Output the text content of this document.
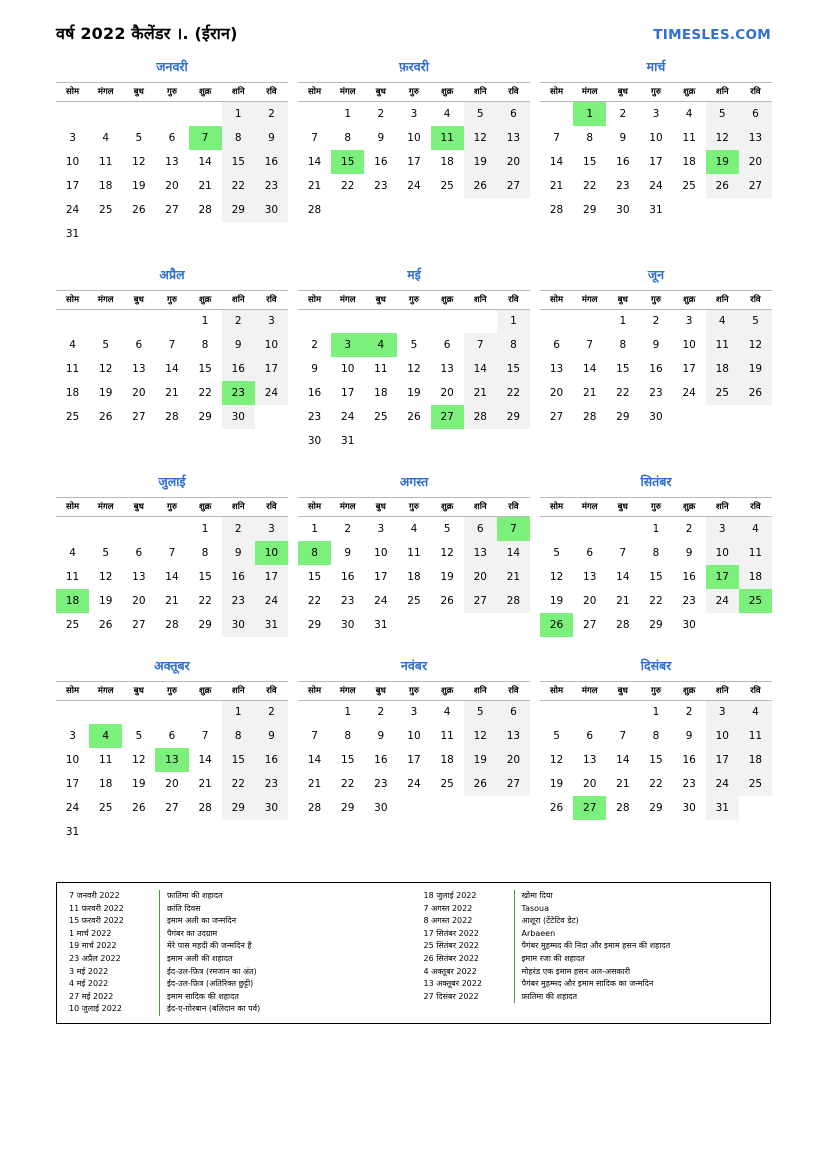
वर्ष 2022 कैलेंडर ।. (ईरान)	TIMESLES.COM
जनवरी
सोम	मंगल	बुध	गुरु	शुक्र	शनि	रवि
					1	2
3	4	5	6	7	8	9
10	11	12	13	14	15	16
17	18	19	20	21	22	23
24	25	26	27	28	29	30
31						
फ़रवरी
सोम	मंगल	बुध	गुरु	शुक्र	शनि	रवि
	1	2	3	4	5	6
7	8	9	10	11	12	13
14	15	16	17	18	19	20
21	22	23	24	25	26	27
28						
मार्च
सोम	मंगल	बुध	गुरु	शुक्र	शनि	रवि
	1	2	3	4	5	6
7	8	9	10	11	12	13
14	15	16	17	18	19	20
21	22	23	24	25	26	27
28	29	30	31			
अप्रैल
सोम	मंगल	बुध	गुरु	शुक्र	शनि	रवि
				1	2	3
4	5	6	7	8	9	10
11	12	13	14	15	16	17
18	19	20	21	22	23	24
25	26	27	28	29	30	
मई
सोम	मंगल	बुध	गुरु	शुक्र	शनि	रवि
						1
2	3	4	5	6	7	8
9	10	11	12	13	14	15
16	17	18	19	20	21	22
23	24	25	26	27	28	29
30	31					
जून
सोम	मंगल	बुध	गुरु	शुक्र	शनि	रवि
		1	2	3	4	5
6	7	8	9	10	11	12
13	14	15	16	17	18	19
20	21	22	23	24	25	26
27	28	29	30			
जुलाई
सोम	मंगल	बुध	गुरु	शुक्र	शनि	रवि
				1	2	3
4	5	6	7	8	9	10
11	12	13	14	15	16	17
18	19	20	21	22	23	24
25	26	27	28	29	30	31
अगस्त
सोम	मंगल	बुध	गुरु	शुक्र	शनि	रवि
1	2	3	4	5	6	7
8	9	10	11	12	13	14
15	16	17	18	19	20	21
22	23	24	25	26	27	28
29	30	31				
सितंबर
सोम	मंगल	बुध	गुरु	शुक्र	शनि	रवि
			1	2	3	4
5	6	7	8	9	10	11
12	13	14	15	16	17	18
19	20	21	22	23	24	25
26	27	28	29	30		
अक्तूबर
सोम	मंगल	बुध	गुरु	शुक्र	शनि	रवि
					1	2
3	4	5	6	7	8	9
10	11	12	13	14	15	16
17	18	19	20	21	22	23
24	25	26	27	28	29	30
31						
नवंबर
सोम	मंगल	बुध	गुरु	शुक्र	शनि	रवि
	1	2	3	4	5	6
7	8	9	10	11	12	13
14	15	16	17	18	19	20
21	22	23	24	25	26	27
28	29	30				
दिसंबर
सोम	मंगल	बुध	गुरु	शुक्र	शनि	रवि
			1	2	3	4
5	6	7	8	9	10	11
12	13	14	15	16	17	18
19	20	21	22	23	24	25
26	27	28	29	30	31	
7 जनवरी 2022	फ़ातिमा की शहादत
11 फ़रवरी 2022	क्रांति दिवस
15 फ़रवरी 2022	इमाम अली का जन्मदिन
1 मार्च 2022	पैगंबर का उदग्राम
19 मार्च 2022	मेरे पास महदी की जन्मदिन है
23 अप्रैल 2022	इमाम अली की शहादत
3 मई 2022	ईद-उल-फ़ित्र (रमजान का अंत)
4 मई 2022	ईद-उल-फ़ित्र (अतिरिक्त छुट्टी)
27 मई 2022	इमाम सादिक की शहादत
10 जुलाई 2022	ईद-ए-ग़ोरबान (बलिदान का पर्व)
18 जुलाई 2022	खोमा दिया
7 अगस्त 2022	Tasoua
8 अगस्त 2022	आशूरा (टेंटेटिव डेट)
17 सितंबर 2022	Arbaeen
25 सितंबर 2022	पैगंबर मुहम्मद की निदा और इमाम हसन की शहादत
26 सितंबर 2022	इमाम रजा की शहादत
4 अक्तूबर 2022	मोहरंड एक इमाम हसन अल-असकारी
13 अक्तूबर 2022	पैगंबर मुहम्मद और इमाम सादिक का जन्मदिन
27 दिसंबर 2022	फ़ातिमा की शहादत
